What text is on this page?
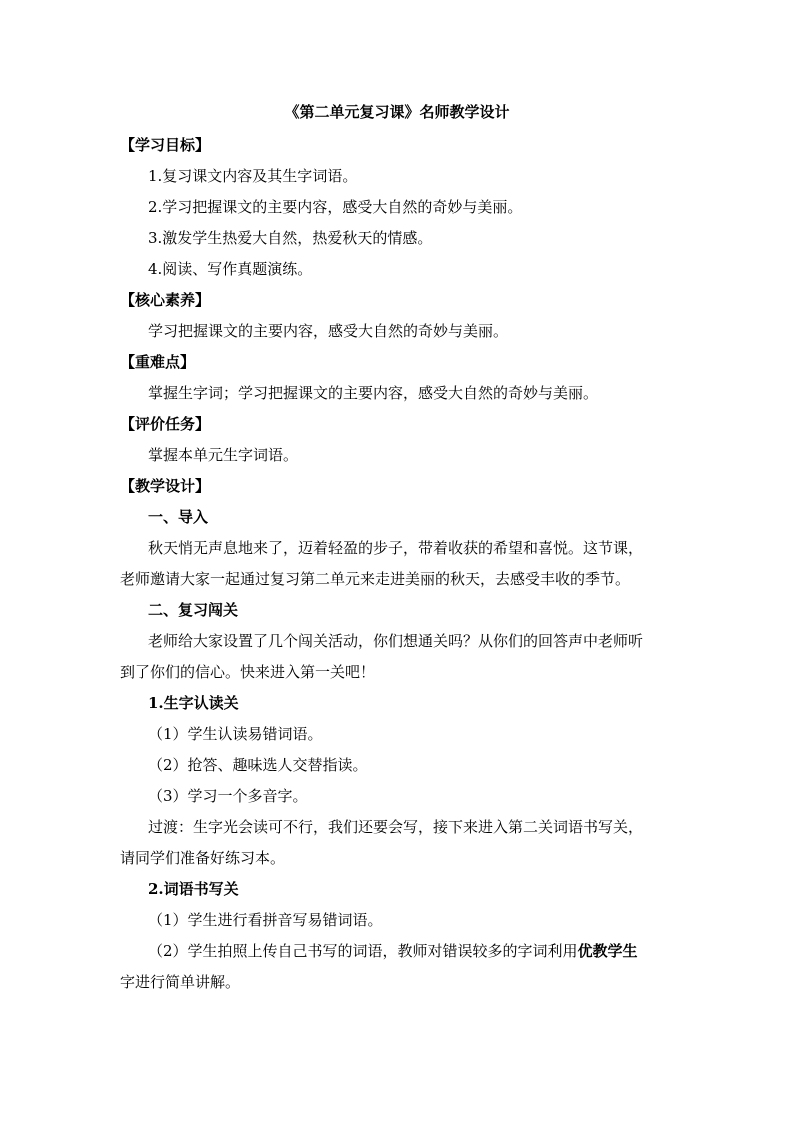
《第二单元复习课》名师教学设计
【学习目标】
1.复习课文内容及其生字词语。
2.学习把握课文的主要内容，感受大自然的奇妙与美丽。
3.激发学生热爱大自然，热爱秋天的情感。
4.阅读、写作真题演练。
【核心素养】
学习把握课文的主要内容，感受大自然的奇妙与美丽。
【重难点】
掌握生字词；学习把握课文的主要内容，感受大自然的奇妙与美丽。
【评价任务】
掌握本单元生字词语。
【教学设计】
一、导入
秋天悄无声息地来了，迈着轻盈的步子，带着收获的希望和喜悦。这节课，
老师邀请大家一起通过复习第二单元来走进美丽的秋天，去感受丰收的季节。
二、复习闯关
老师给大家设置了几个闯关活动，你们想通关吗？从你们的回答声中老师听
到了你们的信心。快来进入第一关吧！
1.生字认读关
（1）学生认读易错词语。
（2）抢答、趣味选人交替指读。
（3）学习一个多音字。
过渡：生字光会读可不行，我们还要会写，接下来进入第二关词语书写关，
请同学们准备好练习本。
2.词语书写关
（1）学生进行看拼音写易错词语。
（2）学生拍照上传自己书写的词语，教师对错误较多的字词利用优教学生
字进行简单讲解。
